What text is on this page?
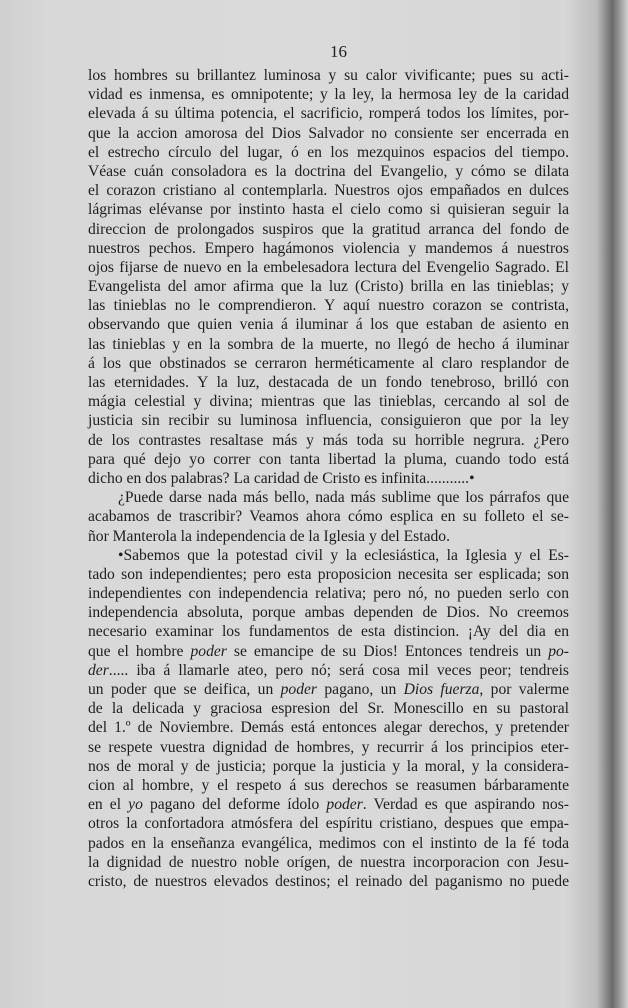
16
los hombres su brillantez luminosa y su calor vivificante; pues su acti-
vidad es inmensa, es omnipotente; y la ley, la hermosa ley de la caridad
elevada á su última potencia, el sacrificio, romperá todos los límites, por-
que la accion amorosa del Dios Salvador no consiente ser encerrada en
el estrecho círculo del lugar, ó en los mezquinos espacios del tiempo.
Véase cuán consoladora es la doctrina del Evangelio, y cómo se dilata
el corazon cristiano al contemplarla. Nuestros ojos empañados en dulces
lágrimas elévanse por instinto hasta el cielo como si quisieran seguir la
direccion de prolongados suspiros que la gratitud arranca del fondo de
nuestros pechos. Empero hagámonos violencia y mandemos á nuestros
ojos fijarse de nuevo en la embelesadora lectura del Evengelio Sagrado. El
Evangelista del amor afirma que la luz (Cristo) brilla en las tinieblas; y
las tinieblas no le comprendieron. Y aquí nuestro corazon se contrista,
observando que quien venia á iluminar á los que estaban de asiento en
las tinieblas y en la sombra de la muerte, no llegó de hecho á iluminar
á los que obstinados se cerraron herméticamente al claro resplandor de
las eternidades. Y la luz, destacada de un fondo tenebroso, brilló con
mágia celestial y divina; mientras que las tinieblas, cercando al sol de
justicia sin recibir su luminosa influencia, consiguieron que por la ley
de los contrastes resaltase más y más toda su horrible negrura. ¿Pero
para qué dejo yo correr con tanta libertad la pluma, cuando todo está
dicho en dos palabras? La caridad de Cristo es infinita...........•
¿Puede darse nada más bello, nada más sublime que los párrafos que
acabamos de trascribir? Veamos ahora cómo esplica en su folleto el se-
ñor Manterola la independencia de la Iglesia y del Estado.
•Sabemos que la potestad civil y la eclesiástica, la Iglesia y el Es-
tado son independientes; pero esta proposicion necesita ser esplicada; son
independientes con independencia relativa; pero nó, no pueden serlo con
independencia absoluta, porque ambas dependen de Dios. No creemos
necesario examinar los fundamentos de esta distincion. ¡Ay del dia en
que el hombre poder se emancipe de su Dios! Entonces tendreis un po-
der..... iba á llamarle ateo, pero nó; será cosa mil veces peor; tendreis
un poder que se deifica, un poder pagano, un Dios fuerza, por valerme
de la delicada y graciosa espresion del Sr. Monescillo en su pastoral
del 1.º de Noviembre. Demás está entonces alegar derechos, y pretender
se respete vuestra dignidad de hombres, y recurrir á los principios eter-
nos de moral y de justicia; porque la justicia y la moral, y la considera-
cion al hombre, y el respeto á sus derechos se reasumen bárbaramente
en el yo pagano del deforme ídolo poder. Verdad es que aspirando nos-
otros la confortadora atmósfera del espíritu cristiano, despues que empa-
pados en la enseñanza evangélica, medimos con el instinto de la fé toda
la dignidad de nuestro noble orígen, de nuestra incorporacion con Jesu-
cristo, de nuestros elevados destinos; el reinado del paganismo no puede
